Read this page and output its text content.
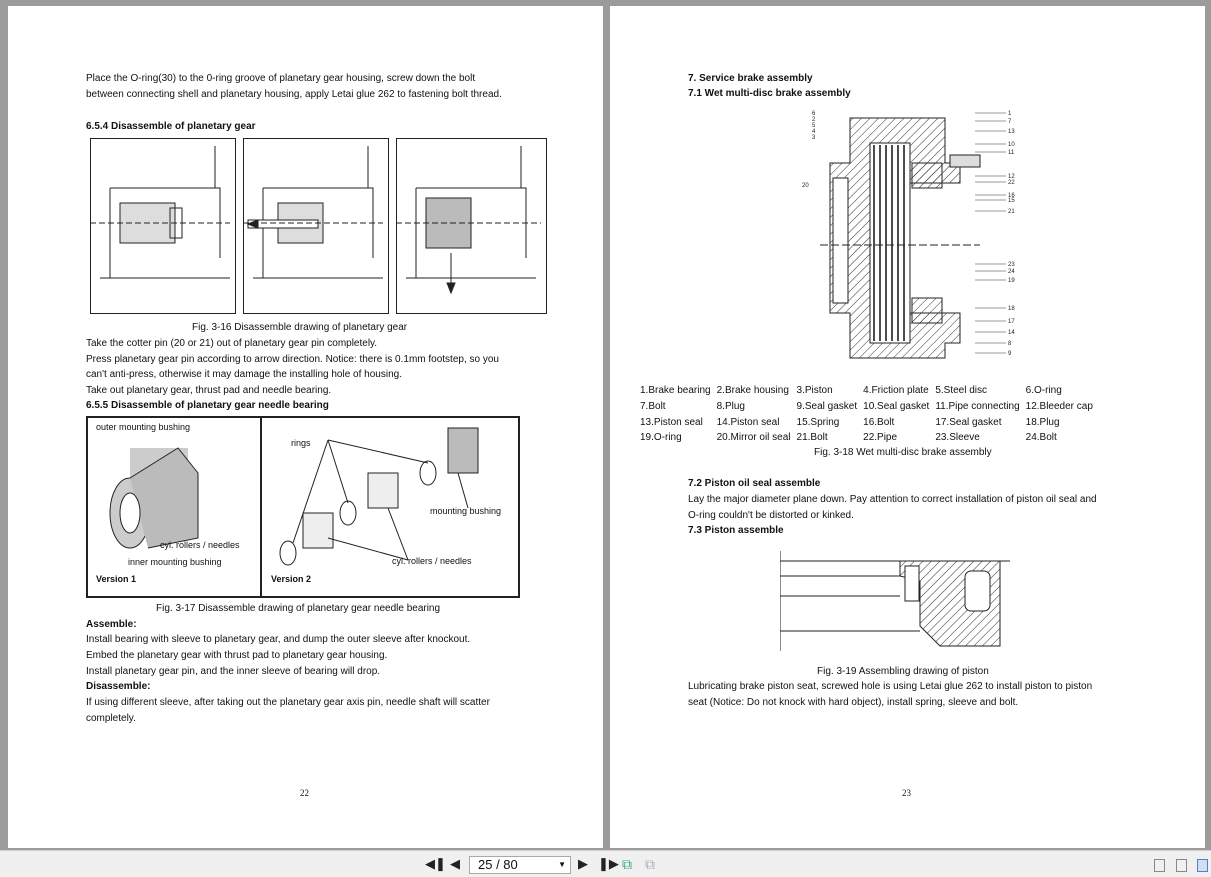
Place the O-ring(30) to the 0-ring groove of planetary gear housing, screw down the bolt
between connecting shell and planetary housing, apply Letai glue 262 to fastening bolt thread.
6.5.4 Disassemble of planetary gear
Fig. 3-16 Disassemble drawing of planetary gear
Take the cotter pin (20 or 21) out of planetary gear pin completely.
Press planetary gear pin according to arrow direction. Notice: there is 0.1mm footstep, so you
can't anti-press, otherwise it may damage the installing hole of housing.
Take out planetary gear, thrust pad and needle bearing.
6.5.5 Disassemble of planetary gear needle bearing
outer mounting bushing
cyl. rollers / needles
inner mounting bushing
Version 1
rings
mounting bushing
cyl. rollers / needles
Version 2
Fig. 3-17 Disassemble drawing of planetary gear needle bearing
Assemble:
Install bearing with sleeve to planetary gear, and dump the outer sleeve after knockout.
Embed the planetary gear with thrust pad to planetary gear housing.
Install planetary gear pin, and the inner sleeve of bearing will drop.
Disassemble:
If using different sleeve, after taking out the planetary gear axis pin, needle shaft will scatter
completely.
22
7. Service brake assembly
7.1 Wet multi-disc brake assembly
6
2
5
4
3
20
1
7
13
10
11
12
22
16
15
21
23
24
19
18
17
14
8
9
1.Brake bearing	2.Brake housing	3.Piston	4.Friction plate	5.Steel disc	6.O-ring
7.Bolt	8.Plug	9.Seal gasket	10.Seal gasket	11.Pipe connecting	12.Bleeder cap
13.Piston seal	14.Piston seal	15.Spring	16.Bolt	17.Seal gasket	18.Plug
19.O-ring	20.Mirror oil seal	21.Bolt	22.Pipe	23.Sleeve	24.Bolt
Fig. 3-18 Wet multi-disc brake assembly
7.2 Piston oil seal assemble
Lay the major diameter plane down. Pay attention to correct installation of piston oil seal and
O-ring couldn't be distorted or kinked.
7.3 Piston assemble
Fig. 3-19 Assembling drawing of piston
Lubricating brake piston seat, screwed hole is using Letai glue 262 to install piston to piston
seat (Notice: Do not knock with hard object), install spring, sleeve and bolt.
23
◀❚ ◀	25 / 80	▼ ▶ ❚▶ ⧉ ⧉
